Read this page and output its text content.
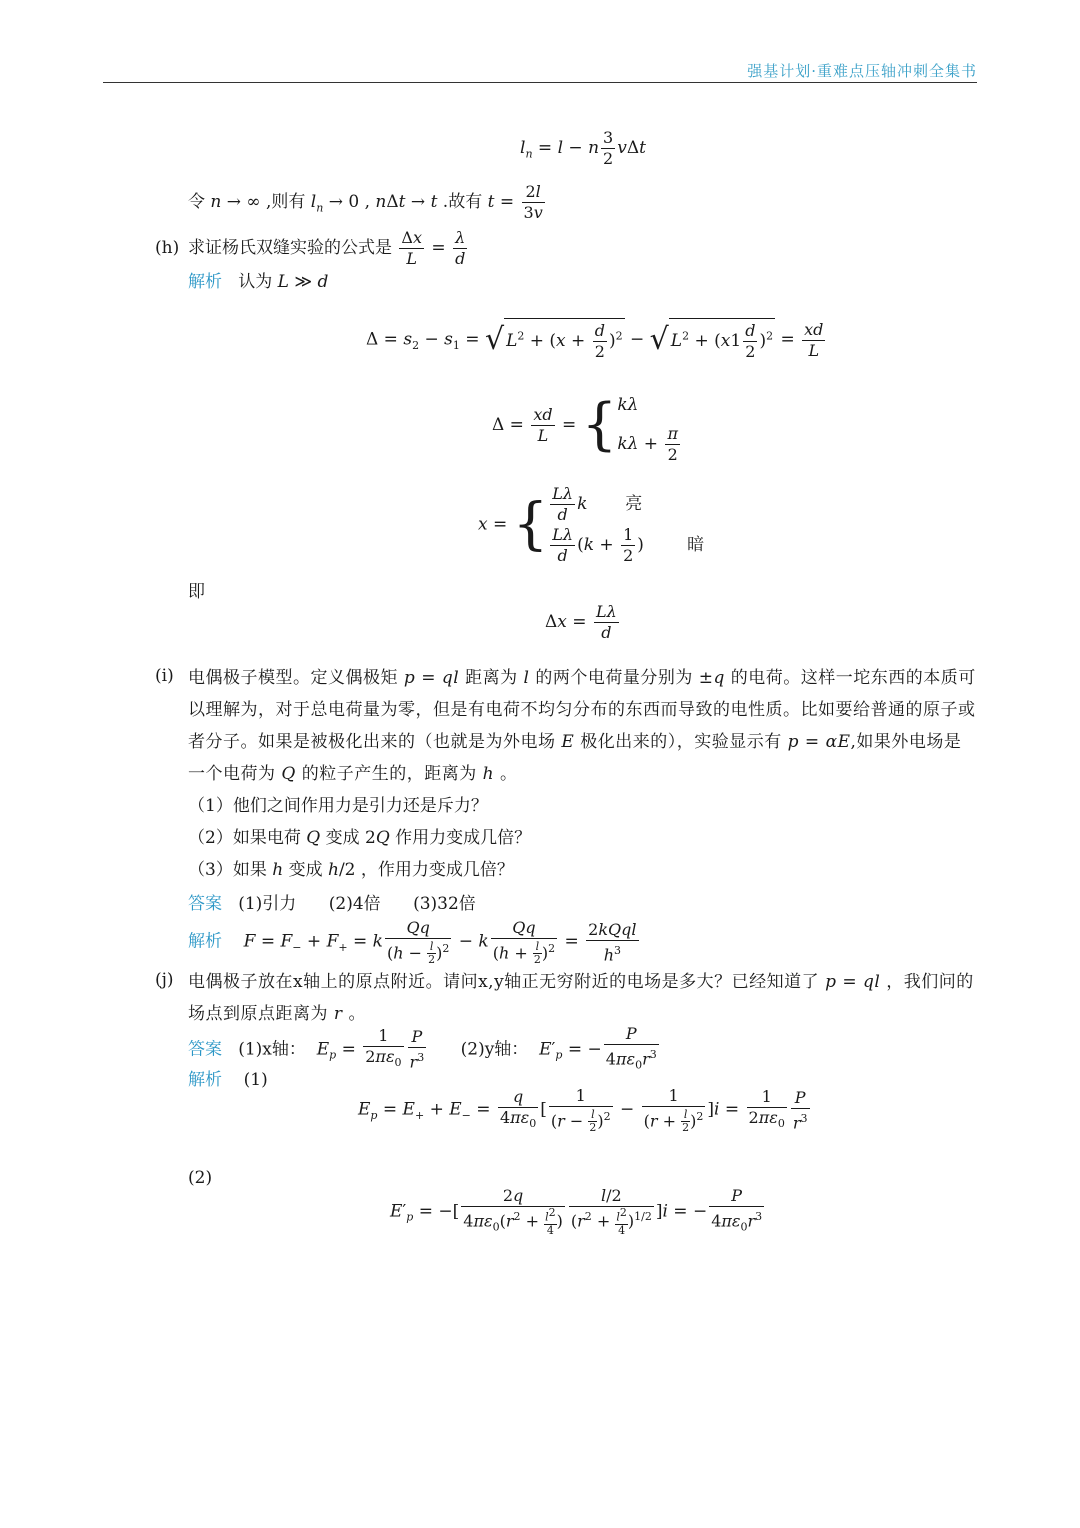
强基计划·重难点压轴冲刺全集书
$l_n = l - n \frac{3}{2}$ vΔt
令 n → ∞ ,则有 $l_n \to 0$ , nΔt → t .故有 $t = \frac{2l}{3v}$
(h) 求证杨氏双缝实验的公式是 $\frac{\Delta x}{L} = \frac{\lambda}{d}$
解析 认为 L ≫ d
$\Delta = s_2 - s_1$ = √ $L^2 + (x + \frac{d}{2} )^2$ − √ $L^2 + (x1 \frac{d}{2} )^2 = \frac{xd}{L}$
$\Delta = \frac{xd}{L}$ = { kλ
$k\lambda + \frac{\pi}{2}$
x = { $\frac{L\lambda}{d}$ k 亮
$\frac{L\lambda}{d} (k + \frac{1}{2}$ )        暗
即
$\Delta x = \frac{L\lambda}{d}$
(i) 电偶极子模型。定义偶极矩 p = ql 距离为 l 的两个电荷量分别为 ±q 的电荷。这样一坨东西的本质可以理解为，对于总电荷量为零，但是有电荷不均匀分布的东西而导致的电性质。比如要给普通的原子或者分子。如果是被极化出来的（也就是为外电场 E 极化出来的），实验显示有 p = αE,如果外电场是一个电荷为 Q 的粒子产生的，距离为 h 。
（1）他们之间作用力是引力还是斥力？
（2）如果电荷 Q 变成 2Q 作用力变成几倍？
（3）如果 h 变成 h/2 ，作用力变成几倍？
答案 (1)引力 (2)4倍 (3)32倍
解析 $F = F_- + F_+ = k \frac{Qq}{(h - \frac{l}{2} )^2} - k \frac{Qq}{(h + \frac{l}{2} )^2} = \frac{\text{2kQql}}{h^3}$
(j) 电偶极子放在x轴上的原点附近。请问x,y轴正无穷附近的电场是多大？已经知道了 p = ql ，我们问的场点到原点距离为 r 。
答案 (1)x轴： $E_p = \frac{1}{2\pi\varepsilon_0} \frac{P}{r^3} (2)y$轴： $E'_p$ = − $\frac{P}{4\pi\varepsilon_0r^3}$
解析 (1)
$E_p = E_+ + E_- = \frac{q}{4\pi\varepsilon_0}$ [ $\frac{1}{(r - \frac{l}{2} )^2} - \frac{1}{(r + \frac{l}{2} )^2} ]i = \frac{1}{2\pi\varepsilon_0} \frac{P}{r^3}$
(2)
$E'_p$ = −[ $\frac{2q}{4\pi\varepsilon_0(r^2 + \frac{l^2}{4} )} \frac{l/2}{(r^2 + \frac{l^2}{4} )^{1/2}} ]i$ = − $\frac{P}{4\pi\varepsilon_0r^3}$
